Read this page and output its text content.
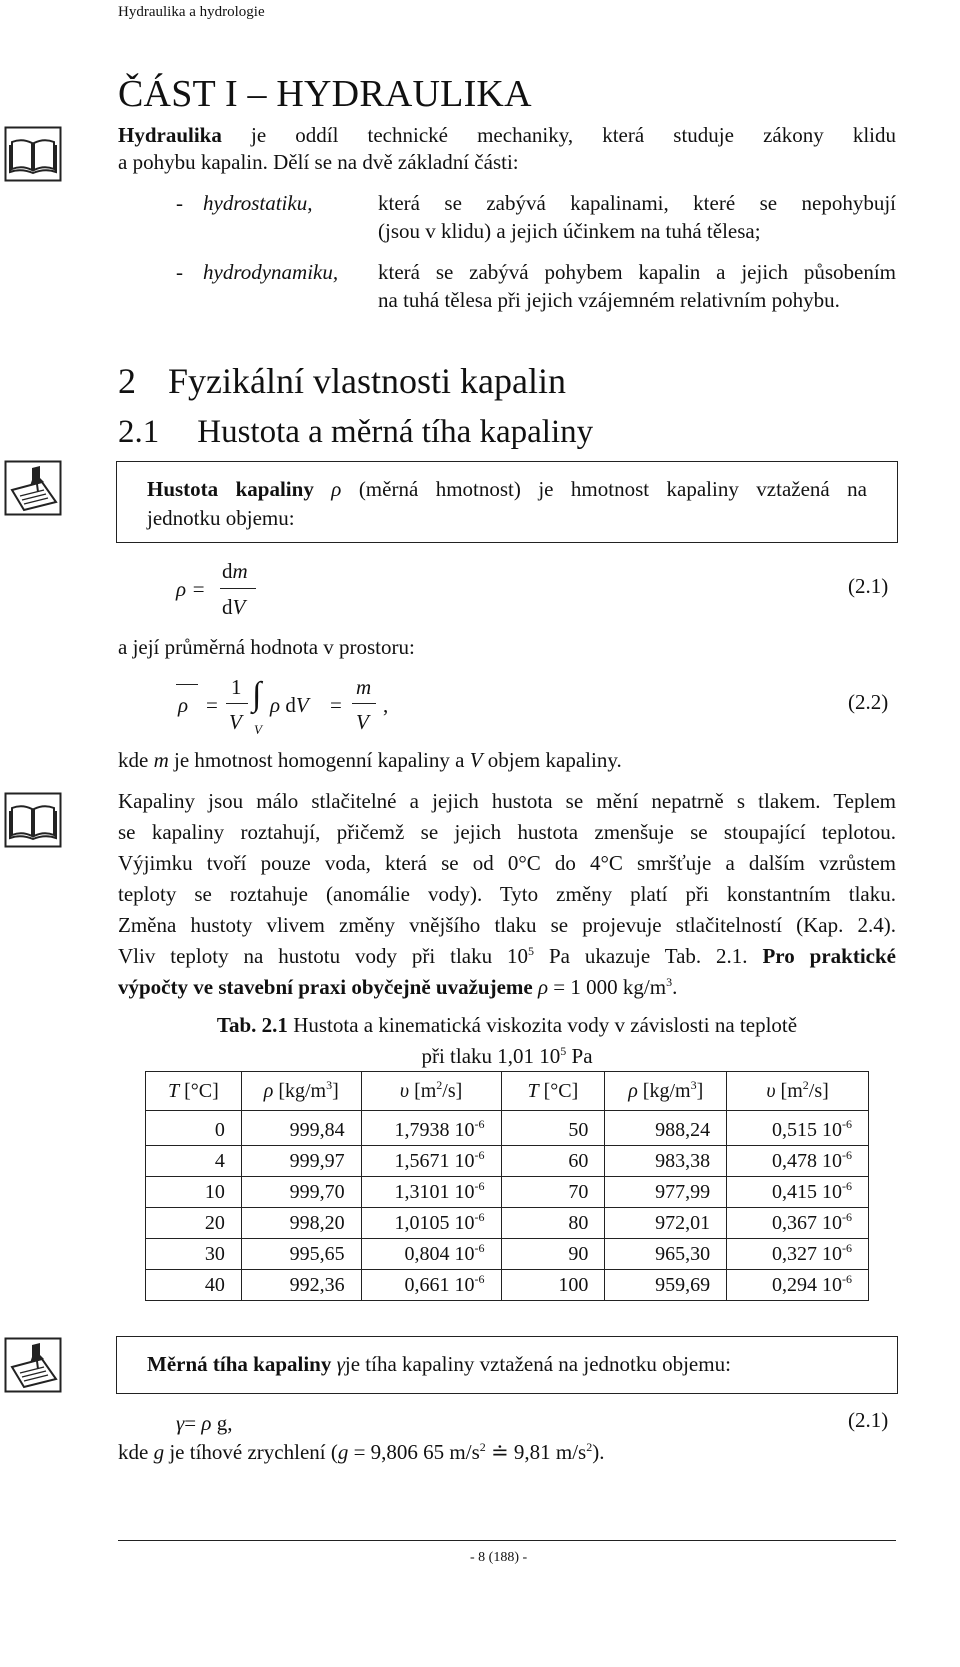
Hydraulika a hydrologie
ČÁST I – HYDRAULIKA
Hydraulika je oddíl technické mechaniky, která studuje zákony klidu
a pohybu kapalin. Dělí se na dvě základní části:
- hydrostatiku,	která se zabývá kapalinami, které se nepohybují
(jsou v klidu) a jejich účinkem na tuhá tělesa;
- hydrodynamiku, která se zabývá pohybem kapalin a jejich působením
na tuhá tělesa při jejich vzájemném relativním pohybu.
2 Fyzikální vlastnosti kapalin
2.1 Hustota a měrná tíha kapaliny
Hustota kapaliny ρ (měrná hmotnost) je hmotnost kapaliny vztažená na
jednotku objemu:
ρ =
dm
dV
(2.1)
a její průměrná hodnota v prostoru:
ρ =
1
V
∫
V
ρ dV =
m
V
,	(2.2)
kde m je hmotnost homogenní kapaliny a V objem kapaliny.
Kapaliny jsou málo stlačitelné a jejich hustota se mění nepatrně s tlakem. Teplem
se kapaliny roztahují, přičemž se jejich hustota zmenšuje se stoupající teplotou.
Výjimku tvoří pouze voda, která se od 0°C do 4°C smršťuje a dalším vzrůstem
teploty se roztahuje (anomálie vody). Tyto změny platí při konstantním tlaku.
Změna hustoty vlivem změny vnějšího tlaku se projevuje stlačitelností (Kap. 2.4).
Vliv teploty na hustotu vody při tlaku $10^5$ Pa ukazuje Tab. 2.1. Pro praktické
výpočty ve stavební praxi obyčejně uvažujeme ρ = 1 000 $kg/m^3$.
Tab. 2.1 Hustota a kinematická viskozita vody v závislosti na teplotě
při tlaku 1,01 $10^5$ Pa
T [°C]	ρ $[kg/m^3]$	υ $[m^2/s]$	T [°C]	ρ $[kg/m^3]$	υ $[m^2/s]$
0	999,84	1,7938 $10^{-6}$	50	988,24	0,515 $10^{-6}$
4	999,97	1,5671 $10^{-6}$	60	983,38	0,478 $10^{-6}$
10	999,70	1,3101 $10^{-6}$	70	977,99	0,415 $10^{-6}$
20	998,20	1,0105 $10^{-6}$	80	972,01	0,367 $10^{-6}$
30	995,65	0,804 $10^{-6}$	90	965,30	0,327 $10^{-6}$
40	992,36	0,661 $10^{-6}$	100	959,69	0,294 $10^{-6}$
Měrná tíha kapaliny γje tíha kapaliny vztažená na jednotku objemu:
γ= ρ g,	(2.1)
kde g je tíhové zrychlení (g = 9,806 65 $m/s^2$ ≐ 9,81 $m/s^2$).
- 8 (188) -
